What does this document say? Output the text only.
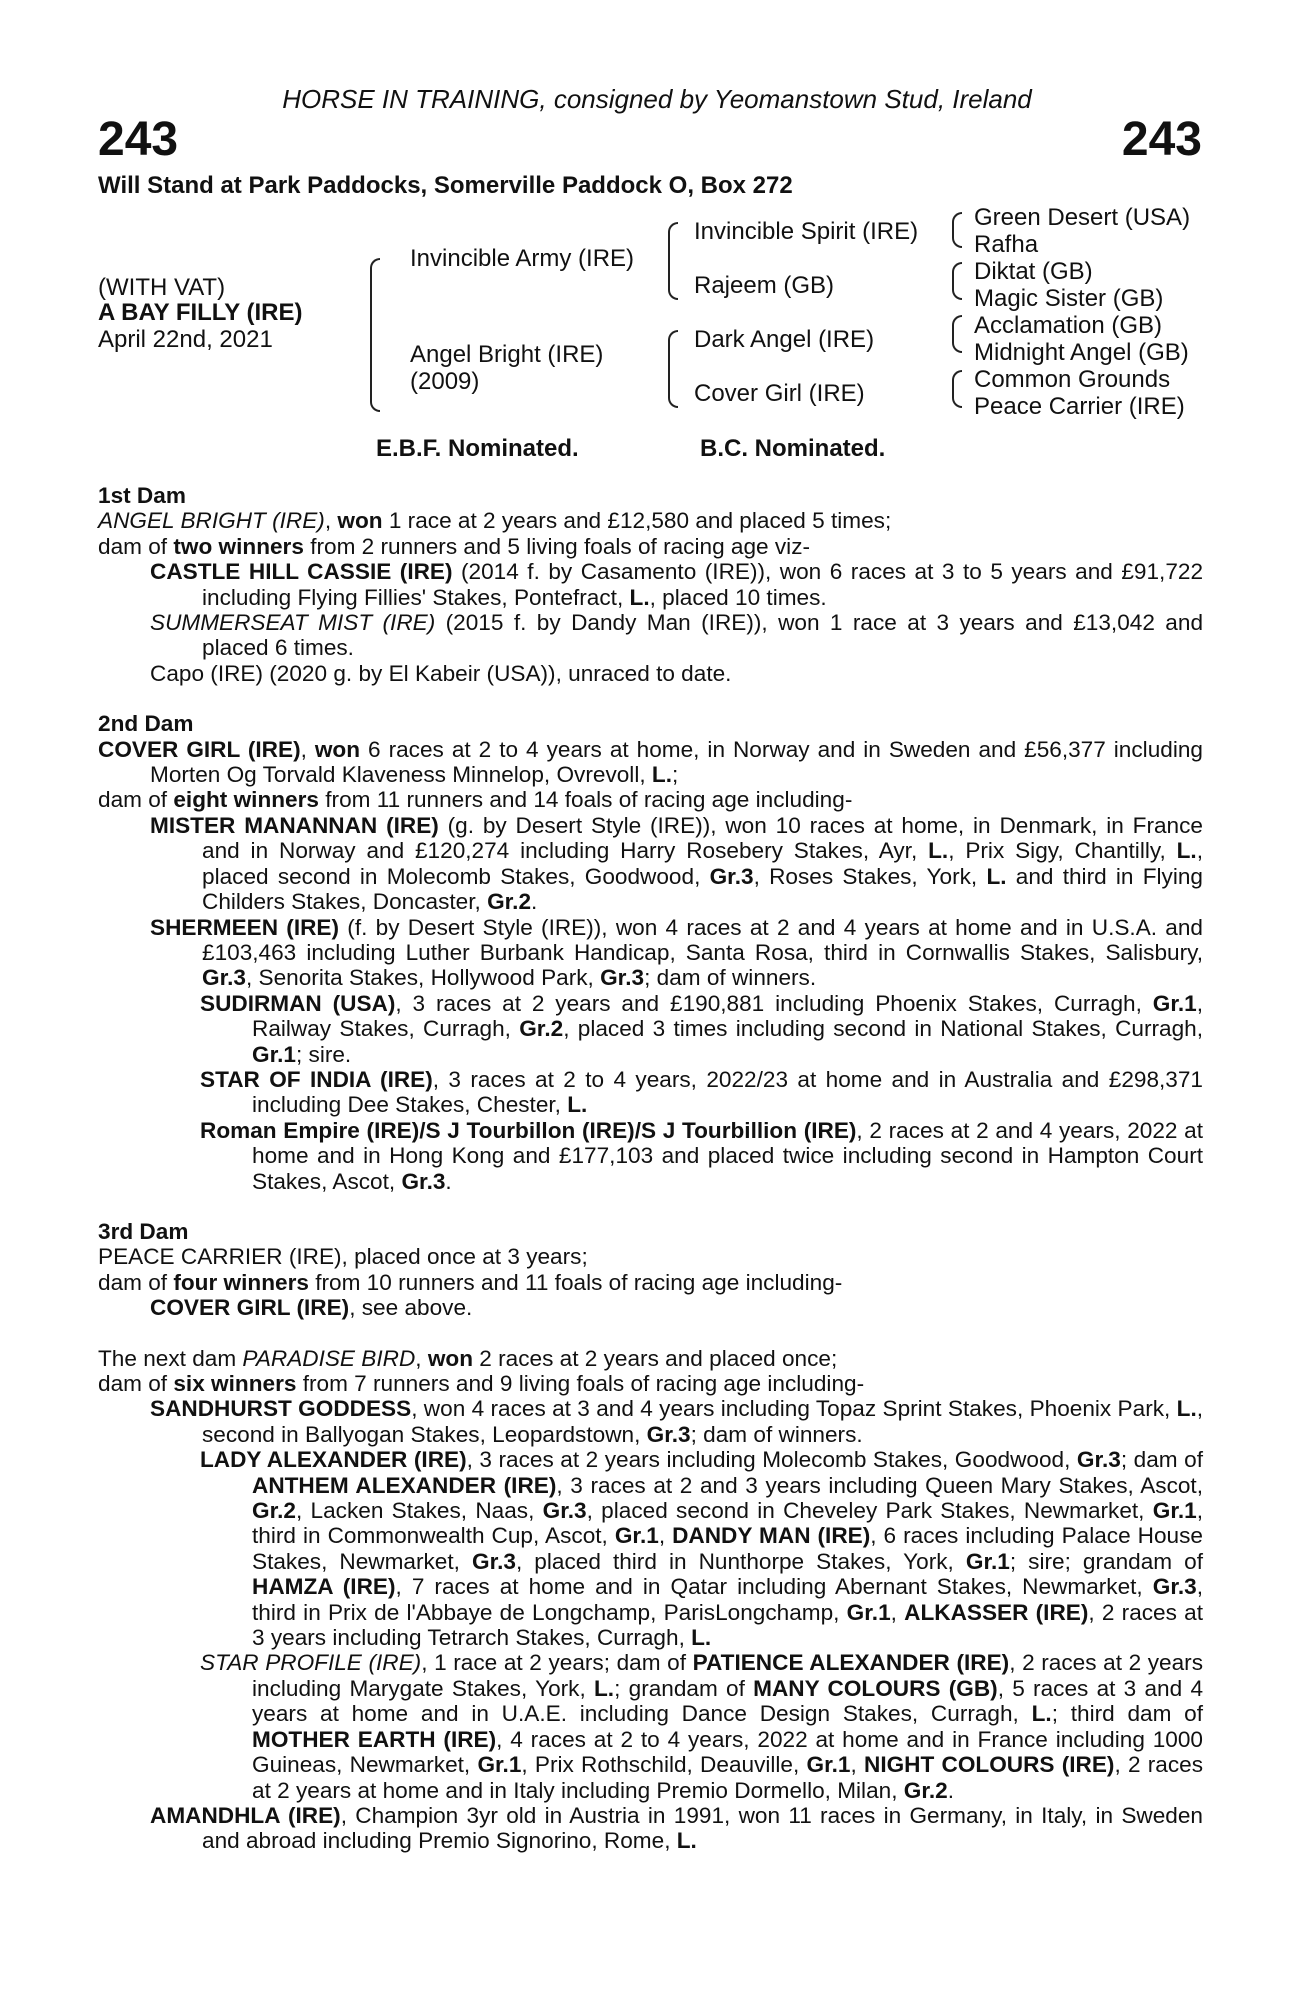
HORSE IN TRAINING, consigned by Yeomanstown Stud, Ireland
243	243
Will Stand at Park Paddocks, Somerville Paddock O, Box 272
(WITH VAT)
A BAY FILLY (IRE)
April 22nd, 2021
Invincible Army (IRE)
Angel Bright (IRE)
(2009)
Invincible Spirit (IRE)
Rajeem (GB)
Dark Angel (IRE)
Cover Girl (IRE)
Green Desert (USA)
Rafha
Diktat (GB)
Magic Sister (GB)
Acclamation (GB)
Midnight Angel (GB)
Common Grounds
Peace Carrier (IRE)
E.B.F. Nominated.	B.C. Nominated.
1st Dam
ANGEL BRIGHT (IRE), won 1 race at 2 years and £12,580 and placed 5 times;
dam of two winners from 2 runners and 5 living foals of racing age viz-
CASTLE HILL CASSIE (IRE) (2014 f. by Casamento (IRE)), won 6 races at 3 to 5 years and £91,722 including Flying Fillies' Stakes, Pontefract, L., placed 10 times.
SUMMERSEAT MIST (IRE) (2015 f. by Dandy Man (IRE)), won 1 race at 3 years and £13,042 and placed 6 times.
Capo (IRE) (2020 g. by El Kabeir (USA)), unraced to date.
2nd Dam
COVER GIRL (IRE), won 6 races at 2 to 4 years at home, in Norway and in Sweden and £56,377 including Morten Og Torvald Klaveness Minnelop, Ovrevoll, L.;
dam of eight winners from 11 runners and 14 foals of racing age including-
MISTER MANANNAN (IRE) (g. by Desert Style (IRE)), won 10 races at home, in Denmark, in France and in Norway and £120,274 including Harry Rosebery Stakes, Ayr, L., Prix Sigy, Chantilly, L., placed second in Molecomb Stakes, Goodwood, Gr.3, Roses Stakes, York, L. and third in Flying Childers Stakes, Doncaster, Gr.2.
SHERMEEN (IRE) (f. by Desert Style (IRE)), won 4 races at 2 and 4 years at home and in U.S.A. and £103,463 including Luther Burbank Handicap, Santa Rosa, third in Cornwallis Stakes, Salisbury, Gr.3, Senorita Stakes, Hollywood Park, Gr.3; dam of winners.
SUDIRMAN (USA), 3 races at 2 years and £190,881 including Phoenix Stakes, Curragh, Gr.1, Railway Stakes, Curragh, Gr.2, placed 3 times including second in National Stakes, Curragh, Gr.1; sire.
STAR OF INDIA (IRE), 3 races at 2 to 4 years, 2022/23 at home and in Australia and £298,371 including Dee Stakes, Chester, L.
Roman Empire (IRE)/S J Tourbillon (IRE)/S J Tourbillion (IRE), 2 races at 2 and 4 years, 2022 at home and in Hong Kong and £177,103 and placed twice including second in Hampton Court Stakes, Ascot, Gr.3.
3rd Dam
PEACE CARRIER (IRE), placed once at 3 years;
dam of four winners from 10 runners and 11 foals of racing age including-
COVER GIRL (IRE), see above.
The next dam PARADISE BIRD, won 2 races at 2 years and placed once;
dam of six winners from 7 runners and 9 living foals of racing age including-
SANDHURST GODDESS, won 4 races at 3 and 4 years including Topaz Sprint Stakes, Phoenix Park, L., second in Ballyogan Stakes, Leopardstown, Gr.3; dam of winners.
LADY ALEXANDER (IRE), 3 races at 2 years including Molecomb Stakes, Goodwood, Gr.3; dam of ANTHEM ALEXANDER (IRE), 3 races at 2 and 3 years including Queen Mary Stakes, Ascot, Gr.2, Lacken Stakes, Naas, Gr.3, placed second in Cheveley Park Stakes, Newmarket, Gr.1, third in Commonwealth Cup, Ascot, Gr.1, DANDY MAN (IRE), 6 races including Palace House Stakes, Newmarket, Gr.3, placed third in Nunthorpe Stakes, York, Gr.1; sire; grandam of HAMZA (IRE), 7 races at home and in Qatar including Abernant Stakes, Newmarket, Gr.3, third in Prix de l'Abbaye de Longchamp, ParisLongchamp, Gr.1, ALKASSER (IRE), 2 races at 3 years including Tetrarch Stakes, Curragh, L.
STAR PROFILE (IRE), 1 race at 2 years; dam of PATIENCE ALEXANDER (IRE), 2 races at 2 years including Marygate Stakes, York, L.; grandam of MANY COLOURS (GB), 5 races at 3 and 4 years at home and in U.A.E. including Dance Design Stakes, Curragh, L.; third dam of MOTHER EARTH (IRE), 4 races at 2 to 4 years, 2022 at home and in France including 1000 Guineas, Newmarket, Gr.1, Prix Rothschild, Deauville, Gr.1, NIGHT COLOURS (IRE), 2 races at 2 years at home and in Italy including Premio Dormello, Milan, Gr.2.
AMANDHLA (IRE), Champion 3yr old in Austria in 1991, won 11 races in Germany, in Italy, in Sweden and abroad including Premio Signorino, Rome, L.
